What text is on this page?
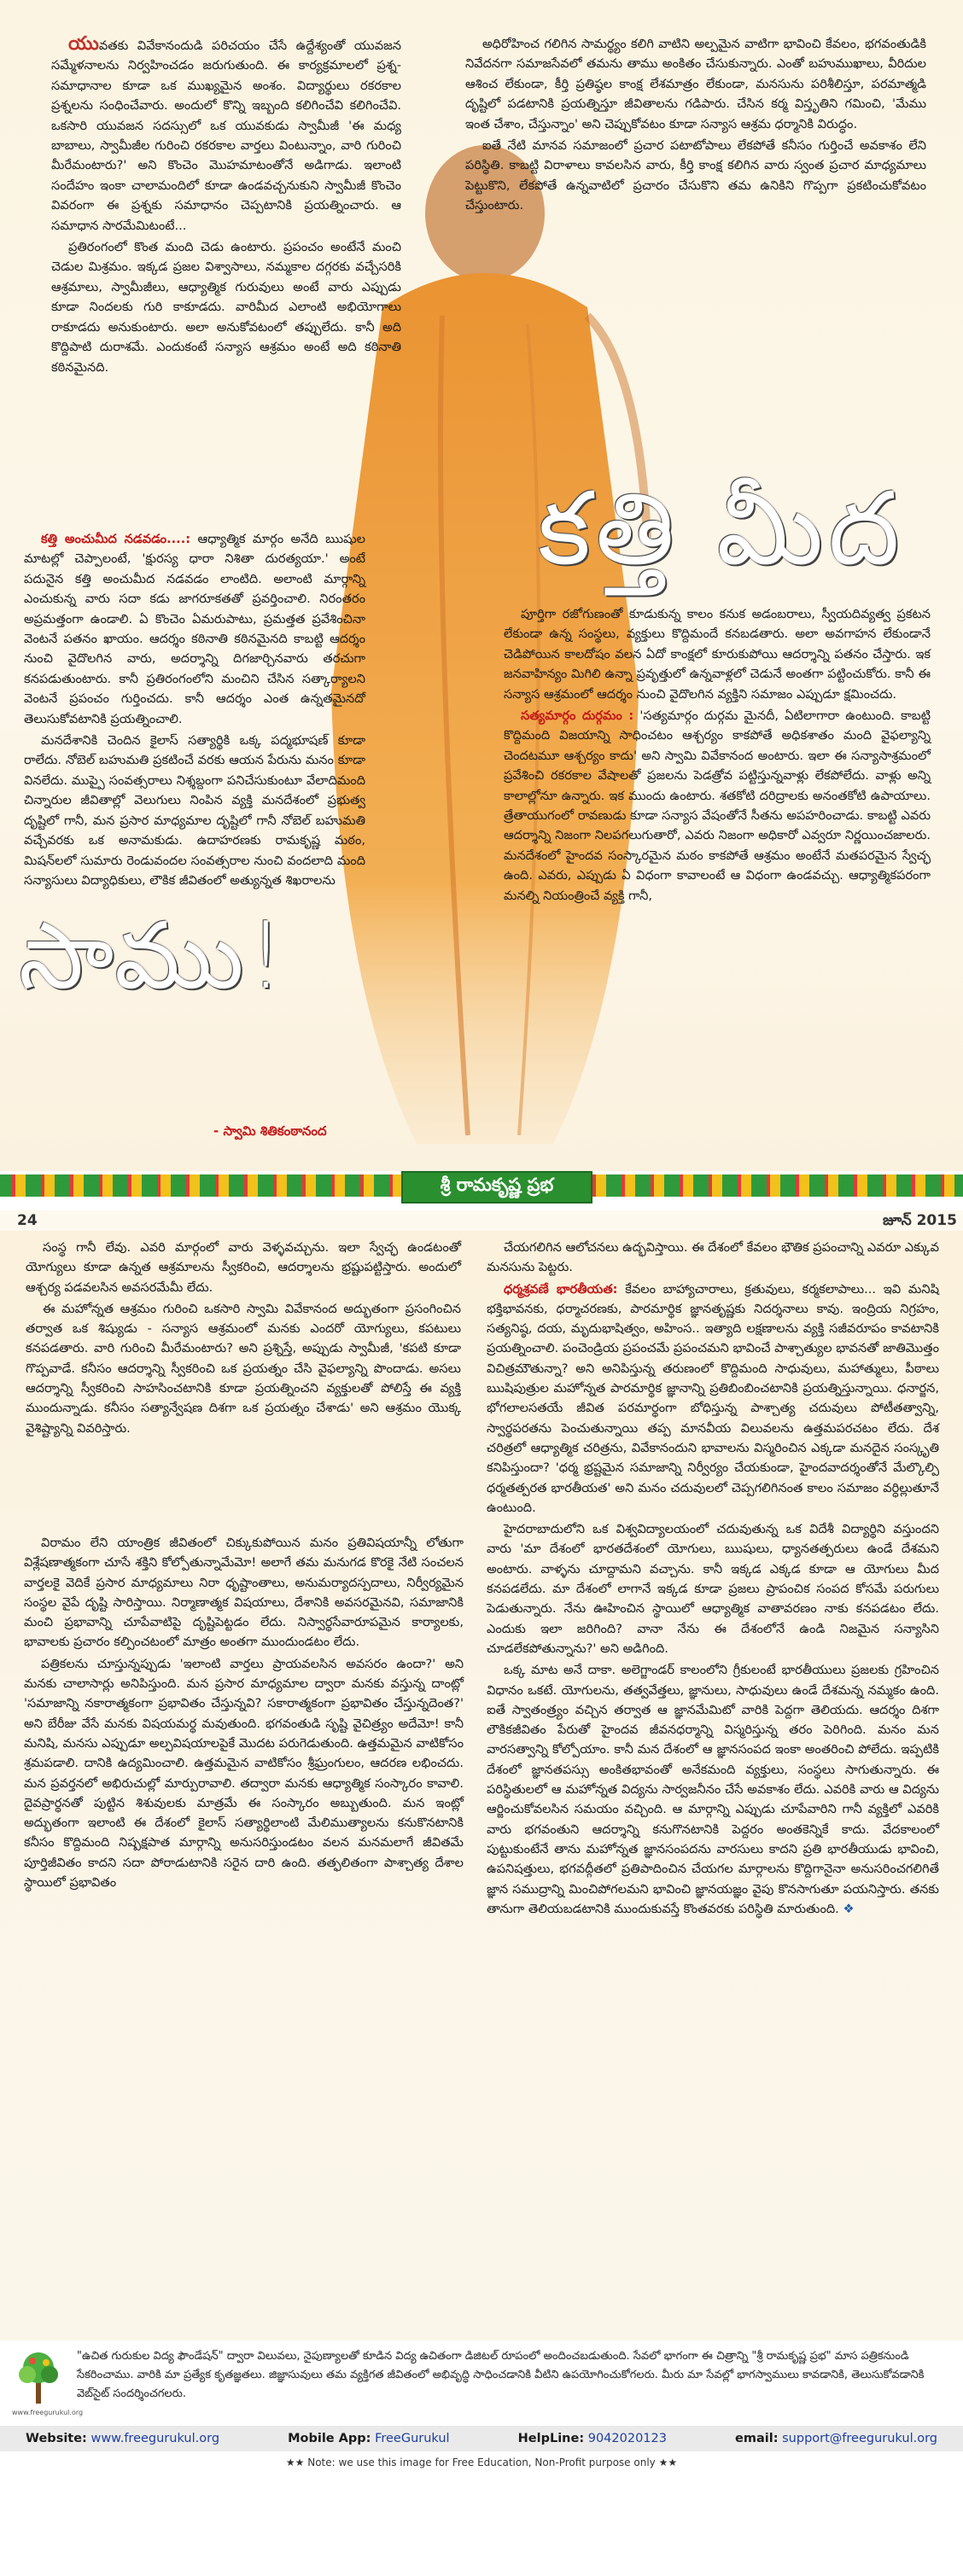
యువతకు వివేకానందుడి పరిచయం చేసే ఉద్దేశ్యంతో యువజన సమ్మేళనాలను నిర్వహించడం జరుగుతుంది. ఈ కార్యక్రమాలలో ప్రశ్న-సమాధానాల కూడా ఒక ముఖ్యమైన అంశం. విద్యార్థులు రకరకాల ప్రశ్నలను సంధించేవారు. అందులో కొన్ని ఇబ్బంది కలిగించేవి కలిగించేవి. ఒకసారి యువజన సదస్సులో ఒక యువకుడు స్వామీజీ 'ఈ మధ్య బాబాలు, స్వామీజీల గురించి రకరకాల వార్తలు వింటున్నాం, వారి గురించి మీరేమంటారు?' అని కొంచెం మొహమాటంతోనే అడిగాడు. ఇలాంటి సందేహం ఇంకా చాలామందిలో కూడా ఉండవచ్చనుకుని స్వామీజీ కొంచెం వివరంగా ఈ ప్రశ్నకు సమాధానం చెప్పటానికి ప్రయత్నించారు. ఆ సమాధాన సారమేమిటంటే...

ప్రతిరంగంలో కొంత మంది చెడు ఉంటారు. ప్రపంచం అంటేనే మంచి చెడుల మిశ్రమం. ఇక్కడ ప్రజల విశ్వాసాలు, నమ్మకాల దగ్గరకు వచ్చేసరికి ఆశ్రమాలు, స్వామీజీలు, ఆధ్యాత్మిక గురువులు అంటే వారు ఎప్పుడు కూడా నిందలకు గురి కాకూడదు. వారిమీద ఎలాంటి అభియోగాలు రాకూడదు అనుకుంటారు. అలా అనుకోవటంలో తప్పులేదు. కానీ అది కొద్దిపాటి దురాశమే. ఎందుకంటే సన్యాస ఆశ్రమం అంటే అది కఠినాతి కఠినమైనది.

కత్తి అంచుమీద నడవడం....: ఆధ్యాత్మిక మార్గం అనేది ఋషుల మాటల్లో చెప్పాలంటే, 'క్షురస్య ధారా నిశితా దురత్యయా.' అంటే పదునైన కత్తి అంచుమీద నడవడం లాంటిది. అలాంటి మార్గాన్ని ఎంచుకున్న వారు సదా కడు జాగరూకతతో ప్రవర్తించాలి. నిరంతరం అప్రమత్తంగా ఉండాలి. ఏ కొంచెం ఏమరుపాటు, ప్రమత్తత ప్రవేశించినా వెంటనే పతనం ఖాయం. ఆదర్శం కఠినాతి కఠినమైనది కాబట్టి ఆదర్శం నుంచి వైదొలగిన వారు, అదర్శాన్ని దిగజార్చినవారు తరచుగా కనపడుతుంటారు. కానీ ప్రతిరంగంలోని మంచిని చేసిన సత్కార్యాలని వెంటనే ప్రపంచం గుర్తించదు. కానీ ఆదర్శం ఎంత ఉన్నతమైనదో తెలుసుకోవటానికి ప్రయత్నించాలి.

మనదేశానికి చెందిన కైలాస్ సత్యార్థికి ఒక్క పద్మభూషణ్ కూడా రాలేదు. నోబెల్ బహుమతి ప్రకటించే వరకు ఆయన పేరును మనం కూడా వినలేదు. ముప్పై సంవత్సరాలు నిశ్శబ్దంగా పనిచేసుకుంటూ వేలాదిమంది చిన్నారుల జీవితాల్లో వెలుగులు నింపిన వ్యక్తి మనదేశంలో ప్రభుత్వ దృష్టిలో గానీ, మన ప్రసార మాధ్యమాల దృష్టిలో గానీ నోబెల్ బహుమతి వచ్చేవరకు ఒక అనామకుడు. ఉదాహరణకు రామకృష్ణ మఠం, మిషన్‌లలో సుమారు రెండువందల సంవత్సరాల నుంచి వందలాది మంది సన్యాసులు విద్యాధికులు, లౌకిక జీవితంలో అత్యున్నత శిఖరాలను

అధిరోహించ గలిగిన సామర్థ్యం కలిగి వాటిని అల్పమైన వాటిగా భావించి కేవలం, భగవంతుడికి నివేదనగా సమాజసేవలో తమను తాము అంకితం చేసుకున్నారు. ఎంతో బహుముఖాలు, వీరిదుల ఆశించ లేకుండా, కీర్తి ప్రతిష్ఠల కాంక్ష లేశమాత్రం లేకుండా, మనసును పరిశీలిస్తూ, పరమాత్మడి దృష్టిలో పడటానికి ప్రయత్నిస్తూ జీవితాలను గడిపారు. చేసిన కర్మ విస్తృతిని గమించి, 'మేము ఇంత చేశాం, చేస్తున్నాం' అని చెప్పుకోవటం కూడా సన్యాస ఆశ్రమ ధర్మానికి విరుద్ధం.

ఐతే నేటి మానవ సమాజంలో ప్రచార పటాటోపాలు లేకపోతే కనీసం గుర్తించే అవకాశం లేని పరిస్థితి. కాబట్టి విరాళాలు కావలసిన వారు, కీర్తి కాంక్ష కలిగిన వారు స్వంత ప్రచార మాధ్యమాలు పెట్టుకొని, లేకపోతే ఉన్నవాటిలో ప్రచారం చేసుకొని తమ ఉనికిని గొప్పగా ప్రకటించుకోవటం చేస్తుంటారు.

కత్తి మీద

పూర్తిగా రజోగుణంతో కూడుకున్న కాలం కనుక అడంబరాలు, స్వీయదివ్యత్వ ప్రకటన లేకుండా ఉన్న సంస్థలు, వ్యక్తులు కొద్దిమందే కనబడతారు. అలా అవగాహన లేకుండానే చెడిపోయిన కాలదోషం వలన ఏదో కాంక్షలో కూరుకుపోయి ఆదర్శాన్ని పతనం చేస్తారు. ఇక జనవాహిన్యం మిగిలి ఉన్నా ప్రవృత్తులో ఉన్నవాళ్లలో చెడునే అంతగా పట్టించుకోరు. కానీ ఈ సన్యాస ఆశ్రమంలో ఆదర్శం నుంచి వైదొలగిన వ్యక్తిని సమాజం ఎప్పుడూ క్షమించదు.

సత్యమార్గం దుర్గమం : 'సత్యమార్గం దుర్గమ మైనదీ, ఏటిలాగారా ఉంటుంది. కాబట్టి కొద్దిమంది విజయాన్ని సాధించటం ఆశ్చర్యం కాకపోతే అధికశాతం మంది వైఫల్యాన్ని చెందటమూ ఆశ్చర్యం కాదు' అని స్వామి వివేకానంద అంటారు. ఇలా ఈ సన్యాసాశ్రమంలో ప్రవేశించి రకరకాల వేషాలతో ప్రజలను పెడత్రోవ పట్టిస్తున్నవాళ్లు లేకపోలేదు. వాళ్లు అన్ని కాలాల్లోనూ ఉన్నారు. ఇక ముందు ఉంటారు. శతకోటి దరిద్రాలకు అనంతకోటి ఉపాయాలు. త్రేతాయుగంలో రావణుడు కూడా సన్యాస వేషంతోనే సీతను అపహరించాడు. కాబట్టి ఎవరు ఆదర్శాన్ని నిజంగా నిలపగలుగుతారో, ఎవరు నిజంగా అధికారో ఎవ్వరూ నిర్ణయించజాలరు. మనదేశంలో హైందవ సంస్కారమైన మఠం కాకపోతే ఆశ్రమం అంటేనే మతపరమైన స్వేచ్ఛ ఉంది. ఎవరు, ఎప్పుడు ఏ విధంగా కావాలంటే ఆ విధంగా ఉండవచ్చు. ఆధ్యాత్మికపరంగా మనల్ని నియంత్రించే వ్యక్తి గానీ,

శ్రీ రామకృష్ణ ప్రభ
24	జూన్ 2015

సంస్థ గానీ లేవు. ఎవరి మార్గంలో వారు వెళ్ళవచ్చును. ఇలా స్వేచ్ఛ ఉండటంతో యోగ్యులు కూడా ఉన్నత ఆశ్రమాలను స్వీకరించి, ఆదర్శాలను భ్రష్టుపట్టిస్తారు. అందులో ఆశ్చర్య పడవలసిన అవసరమేమీ లేదు.

ఈ మహోన్నత ఆశ్రమం గురించి ఒకసారి స్వామి వివేకానంద అద్భుతంగా ప్రసంగించిన తర్వాత ఒక శిష్యుడు - సన్యాస ఆశ్రమంలో మనకు ఎందరో యోగ్యులు, కపటులు కనపడతారు. వారి గురించి మీరేమంటారు? అని ప్రశ్నిస్తే, అప్పుడు స్వామీజీ, 'కపటి కూడా గొప్పవాడే. కనీసం ఆదర్శాన్ని స్వీకరించి ఒక ప్రయత్నం చేసి వైఫల్యాన్ని పొందాడు. అసలు ఆదర్శాన్ని స్వీకరించి సాహసించటానికి కూడా ప్రయత్నించని వ్యక్తులతో పోలిస్తే ఈ వ్యక్తి ముందున్నాడు. కనీసం సత్యాన్వేషణ దిశగా ఒక ప్రయత్నం చేశాడు' అని ఆశ్రమం యొక్క వైశిష్ట్యాన్ని వివరిస్తారు.

చేయగలిగిన ఆలోచనలు ఉద్భవిస్తాయి. ఈ దేశంలో కేవలం భౌతిక ప్రపంచాన్ని ఎవరూ ఎక్కువ మనసును పెట్టరు.

ధర్మశ్రవణే భారతీయత: కేవలం బాహ్యాచారాలు, క్రతువులు, కర్మకలాపాలు... ఇవి మనిషి భక్తిభావనకు, ధర్మాచరణకు, పారమార్థిక జ్ఞానతృష్ణకు నిదర్శనాలు కావు. ఇంద్రియ నిగ్రహం, సత్యనిష్ఠ, దయ, మృదుభాషిత్వం, అహింస.. ఇత్యాది లక్షణాలను వ్యక్తి సజీవరూపం కావటానికి ప్రయత్నించాలి. పంచెండ్రియ ప్రపంచమే ప్రపంచమని భావించే పాశ్చాత్యుల భావనతో జాతిమొత్తం విచిత్రమౌతున్నా? అని అనిపిస్తున్న తరుణంలో కొద్దిమంది సాధువులు, మహాత్ములు, పీఠాలు ఋషిపుత్రుల మహోన్నత పారమార్థిక జ్ఞానాన్ని ప్రతిబింబించటానికి ప్రయత్నిస్తున్నాయి. ధనార్జన, భోగలాలసతయే జీవిత పరమార్థంగా బోధిస్తున్న పాశ్చాత్య చదువులు పోటీతత్వాన్ని, స్వార్థపరతను పెంచుతున్నాయి తప్ప మానవీయ విలువలను ఉత్తమపరచటం లేదు. దేశ చరిత్రలో ఆధ్యాత్మిక చరిత్రను, వివేకానందుని భావాలను విస్మరించిన ఎక్కడా మనదైన సంస్కృతి కనిపిస్తుందా? 'ధర్మ భ్రష్టమైన సమాజాన్ని నిర్వీర్యం చేయకుండా, హైందవాదర్శంతోనే మేల్కొల్పి ధర్మతత్పరత భారతీయత' అని మనం చదువులలో చెప్పగలిగినంత కాలం సమాజం వర్ధిల్లుతూనే ఉంటుంది.

హైదరాబాదులోని ఒక విశ్వవిద్యాలయంలో చదువుతున్న ఒక విదేశీ విద్యార్థిని వస్తుందని వారు 'మా దేశంలో భారతదేశంలో యోగులు, ఋషులు, ధ్యానతత్పరులు ఉండే దేశమని అంటారు. వాళ్ళను చూద్దామని వచ్చాను. కానీ ఇక్కడ ఎక్కడ కూడా ఆ యోగులు మీద కనపడలేదు. మా దేశంలో లాగానే ఇక్కడ కూడా ప్రజలు ప్రాపంచిక సంపద కోసమే పరుగులు పెడుతున్నారు. నేను ఊహించిన స్థాయిలో ఆధ్యాత్మిక వాతావరణం నాకు కనపడటం లేదు. ఎందుకు ఇలా జరిగింది? వానా నేను ఈ దేశంలోనే ఉండి నిజమైన సన్యాసిని చూడలేకపోతున్నాను?' అని అడిగింది.

ఒక్క మాట అనే దాకా. అలెగ్జాండర్ కాలంలోని గ్రీకులంటే భారతీయులు ప్రజలకు గ్రహించిన విధానం ఒకటే. యోగులను, తత్వవేత్తలు, జ్ఞానులు, సాధువులు ఉండే దేశమన్న నమ్మకం ఉంది. ఐతే స్వాతంత్ర్యం వచ్చిన తర్వాత ఆ జ్ఞానమేమిటో వారికి పెద్దగా తెలియదు. ఆదర్శం దిశగా లౌకికజీవితం పేరుతో హైందవ జీవనధర్మాన్ని విస్మరిస్తున్న తరం పెరిగింది. మనం మన వారసత్వాన్ని కోల్పోయాం. కానీ మన దేశంలో ఆ జ్ఞానసంపద ఇంకా అంతరించి పోలేదు. ఇప్పటికి దేశంలో జ్ఞానతపస్సు అంకితభావంతో అనేకమంది వ్యక్తులు, సంస్థలు సాగుతున్నారు. ఈ పరిస్థితులలో ఆ మహోన్నత విద్యను సార్వజనీనం చేసే అవకాశం లేదు. ఎవరికి వారు ఆ విద్యను ఆర్జించుకోవలసిన సమయం వచ్చింది. ఆ మార్గాన్ని ఎప్పుడు చూపేవారిని గానీ వ్యక్తిలో ఎవరికి వారు భగవంతుని ఆదర్శాన్ని కనుగొనటానికి పెద్దరం అంతకెన్నికే కాదు. వేదకాలంలో పుట్టుకుంటేనే తాను మహోన్నత జ్ఞానసంపదను వారసులు కాదని ప్రతి భారతీయుడు భావించి, ఉపనిషత్తులు, భగవద్గీతలో ప్రతిపాదించిన చేయగల మార్గాలను కొద్దిగానైనా అనుసరించగలిగితే జ్ఞాన సముద్రాన్ని మించిపోగలమని భావించి జ్ఞానయజ్ఞం వైపు కొనసాగుతూ పయనిస్తారు. తనకు తానుగా తెలియబడటానికి ముందుకువస్తే కొంతవరకు పరిస్థితి మారుతుంది. ❖

సాము!
- స్వామి శితికంఠానంద

విరామం లేని యాంత్రిక జీవితంలో చిక్కుకుపోయిన మనం ప్రతివిషయాన్నీ లోతుగా విశ్లేషణాత్మకంగా చూసే శక్తిని కోల్పోతున్నామేమో! అలాగే తమ మనుగడ కొరకై నేటి సంచలన వార్తలకై వెదికే ప్రసార మాధ్యమాలు నిరా ధృష్టాంతాలు, అనుమర్యాదస్పదాలు, నిర్వీర్యమైన సంస్థల వైపే దృష్టి సారిస్తాయి. నిర్మాణాత్మక విషయాలు, దేశానికి అవసరమైనవి, సమాజానికి మంచి ప్రభావాన్ని చూపేవాటిపై దృష్టిపెట్టడం లేదు. నిస్వార్థసేవారూపమైన కార్యాలకు, భావాలకు ప్రచారం కల్పించటంలో మాత్రం అంతగా ముందుండటం లేదు.

పత్రికలను చూస్తున్నప్పుడు 'ఇలాంటి వార్తలు ప్రాయవలసిన అవసరం ఉందా?' అని మనకు చాలాసార్లు అనిపిస్తుంది. మన ప్రసార మాధ్యమాల ద్వారా మనకు వస్తున్న దాంట్లో 'సమాజాన్ని నకారాత్మకంగా ప్రభావితం చేస్తున్నవి? సకారాత్మకంగా ప్రభావితం చేస్తున్నదెంత?' అని బేరీజు వేసే మనకు విషయమర్థ మవుతుంది. భగవంతుడి సృష్టి వైచిత్ర్యం అదేమో! కానీ మనిషి, మనసు ఎప్పుడూ అల్పవిషయాలపైకే మొదట పరుగెడుతుంది. ఉత్తమమైన వాటికోసం శ్రమపడాలి. దానికి ఉద్యమించాలి. ఉత్తమమైన వాటికోసం శ్రీఘ్రంగులం, ఆదరణ లభించదు. మన ప్రవర్తనలో అభిరుచుల్లో మార్పురావాలి. తద్వారా మనకు ఆధ్యాత్మిక సంస్కారం కావాలి. దైవప్రార్థనతో పుట్టిన శిశువులకు మాత్రమే ఈ సంస్కారం అబ్బుతుంది. మన ఇంట్లో అద్భుతంగా ఇలాంటి ఈ దేశంలో కైలాస్ సత్యార్థిలాంటి మేలిముత్యాలను కనుకొనటానికి కనీసం కొద్దిమంది నిష్పక్షపాత మార్గాన్ని అనుసరిస్తుండటం వలన మనమలాగే జీవితమే పూర్తిజీవితం కాదని సదా పోరాడుటానికి సరైన దారి ఉంది. తత్ఫలితంగా పాశ్చాత్య దేశాల స్థాయిలో ప్రభావితం

www.freegurukul.org
"ఉచిత గురుకుల విద్య ఫౌండేషన్" ద్వారా విలువలు, నైపుణ్యాలతో కూడిన విద్య ఉచితంగా డిజిటల్ రూపంలో అందించబడుతుంది. సేవలో భాగంగా ఈ చిత్రాన్ని "శ్రీ రామకృష్ణ ప్రభ" మాస పత్రికనుండి సేకరించాము. వారికి మా ప్రత్యేక కృతజ్ఞతలు. జిజ్ఞాసువులు తమ వ్యక్తిగత జీవితంలో అభివృద్ధి సాధించడానికి వీటిని ఉపయోగించుకోగలరు. మీరు మా సేవల్లో భాగస్వాములు కావడానికి, తెలుసుకోవడానికి వెబ్‌సైట్ సందర్శించగలరు.
Website: www.freegurukul.org	Mobile App: FreeGurukul	HelpLine: 9042020123	email: support@freegurukul.org
★★ Note: we use this image for Free Education, Non-Profit purpose only ★★
